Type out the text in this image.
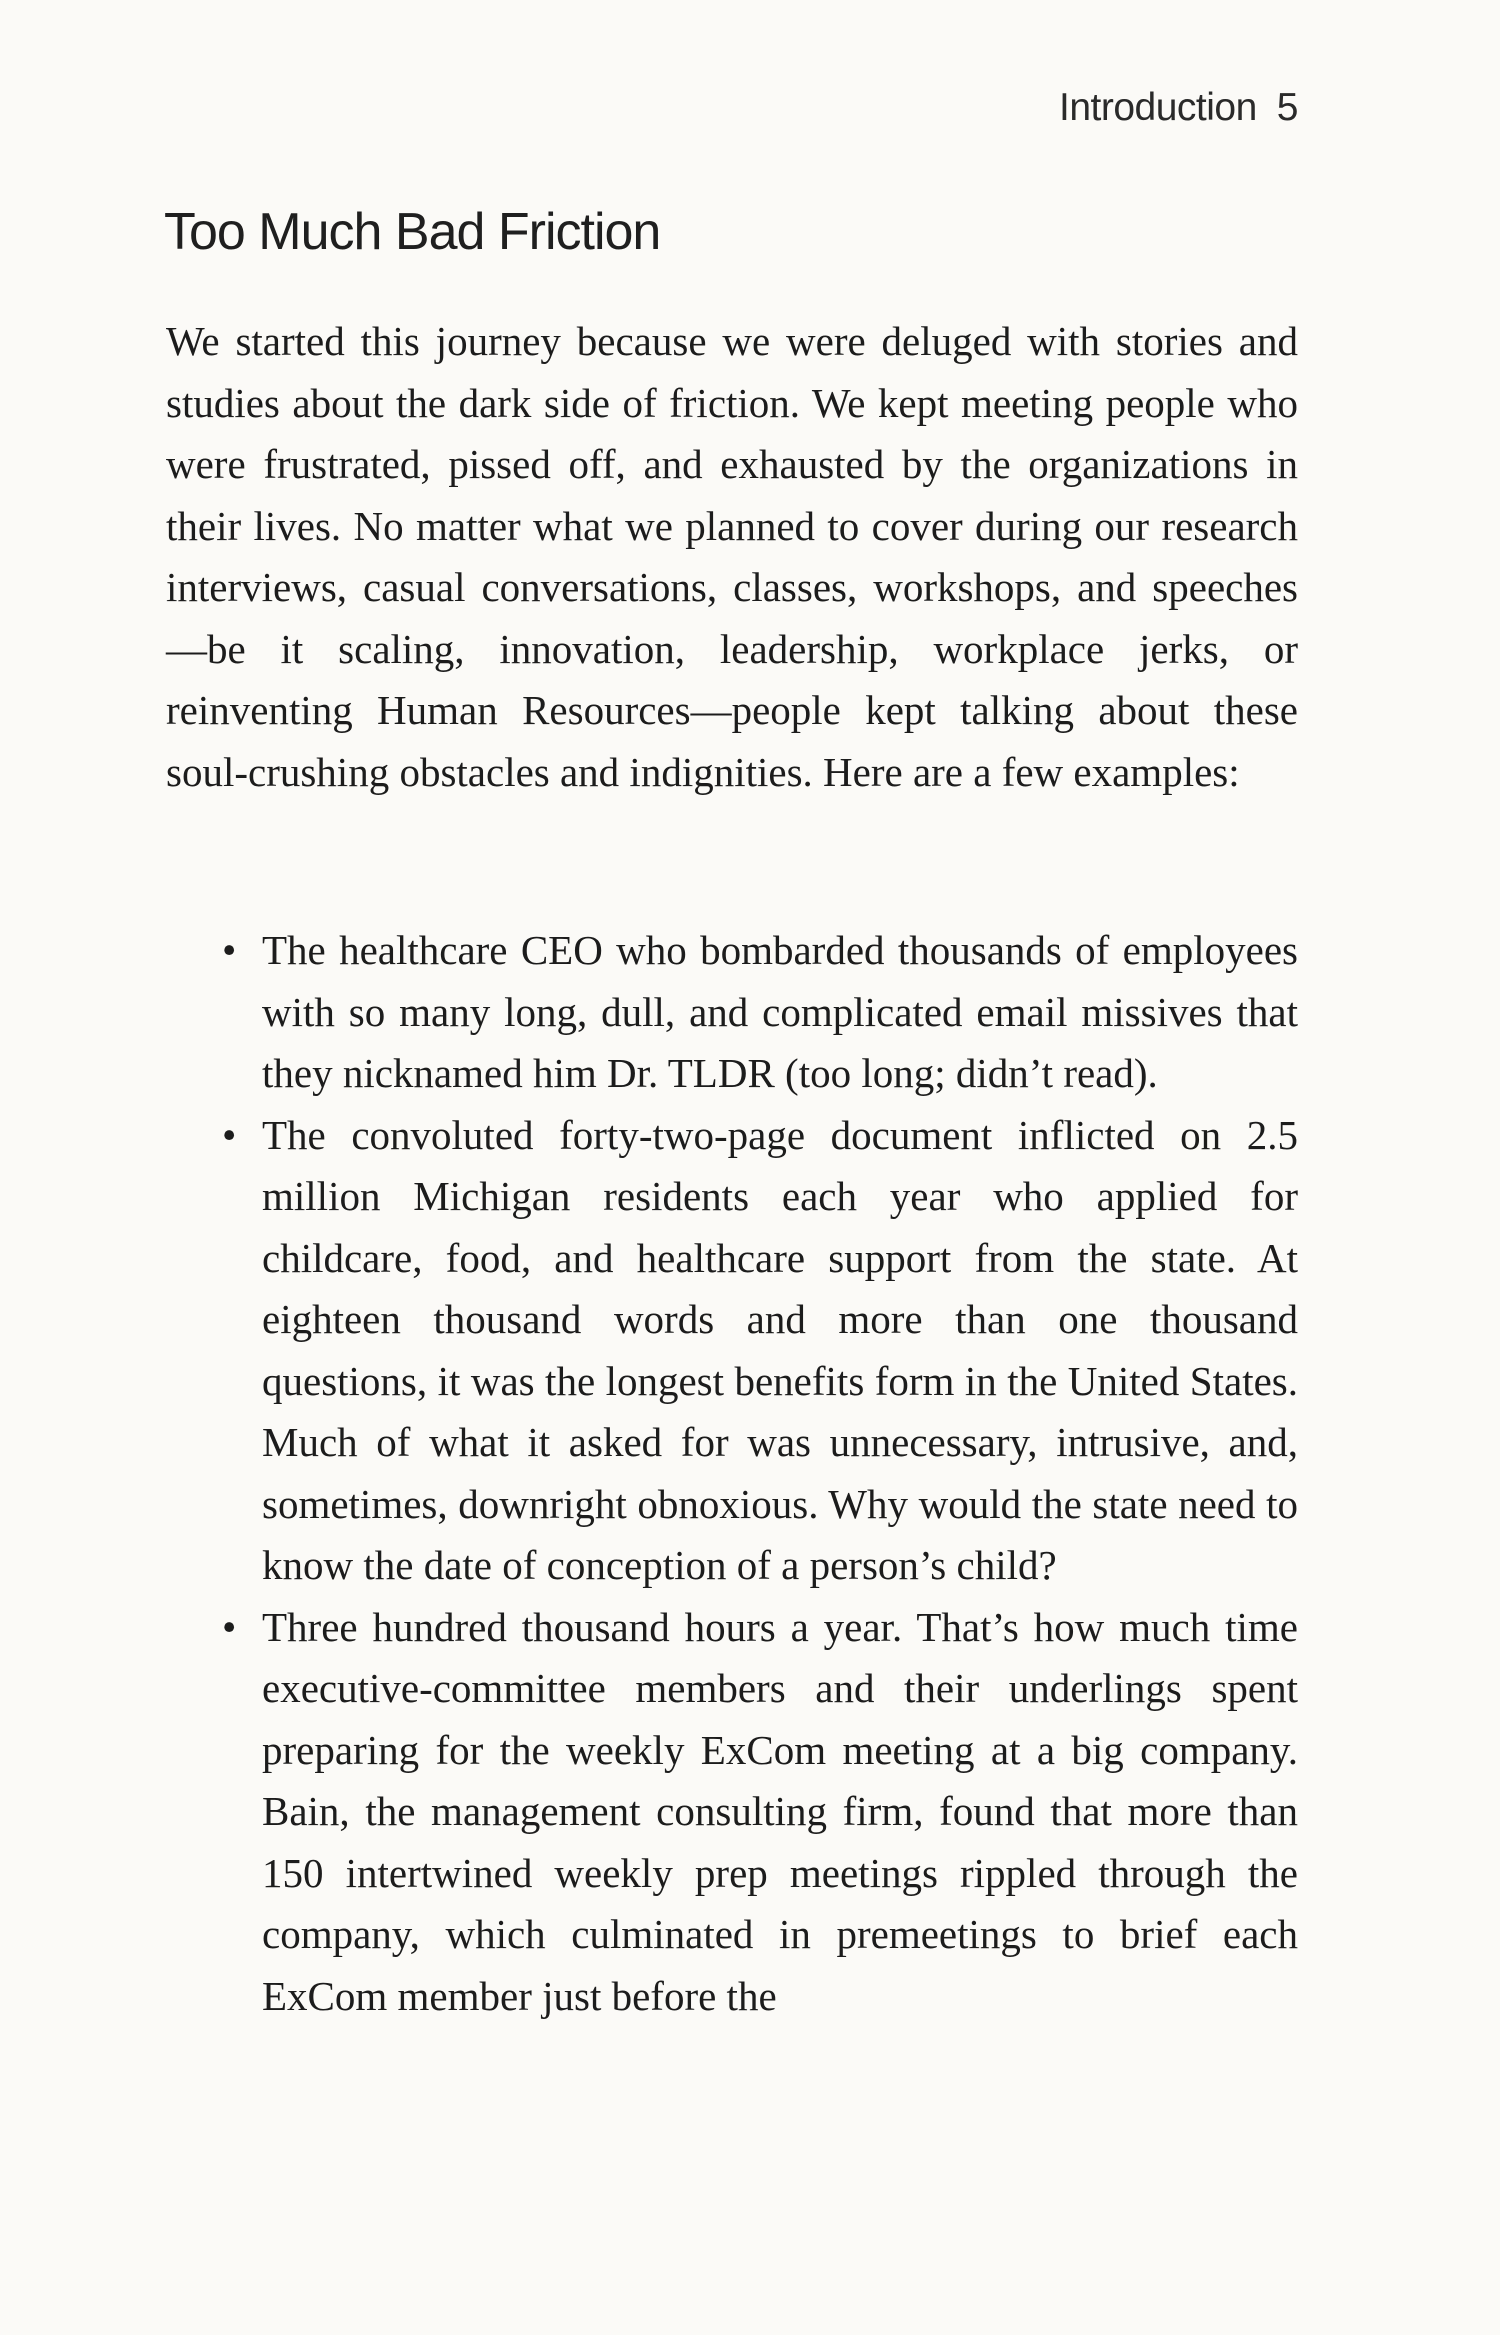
Introduction 5
Too Much Bad Friction

We started this journey because we were deluged with stories and studies about the dark side of friction. We kept meeting people who were frustrated, pissed off, and exhausted by the organizations in their lives. No matter what we planned to cover during our research interviews, casual conversations, classes, workshops, and speeches—be it scaling, innovation, leadership, workplace jerks, or reinventing Human Resources—people kept talking about these soul-crushing obstacles and indignities. Here are a few examples:

• The healthcare CEO who bombarded thousands of employees with so many long, dull, and complicated email missives that they nicknamed him Dr. TLDR (too long; didn’t read).
• The convoluted forty-two-page document inflicted on 2.5 million Michigan residents each year who applied for childcare, food, and healthcare support from the state. At eighteen thousand words and more than one thousand questions, it was the longest benefits form in the United States. Much of what it asked for was unnecessary, intrusive, and, sometimes, downright obnoxious. Why would the state need to know the date of conception of a person’s child?
• Three hundred thousand hours a year. That’s how much time executive-committee members and their underlings spent preparing for the weekly ExCom meeting at a big company. Bain, the management consulting firm, found that more than 150 intertwined weekly prep meetings rippled through the company, which culminated in premeetings to brief each ExCom member just before the
